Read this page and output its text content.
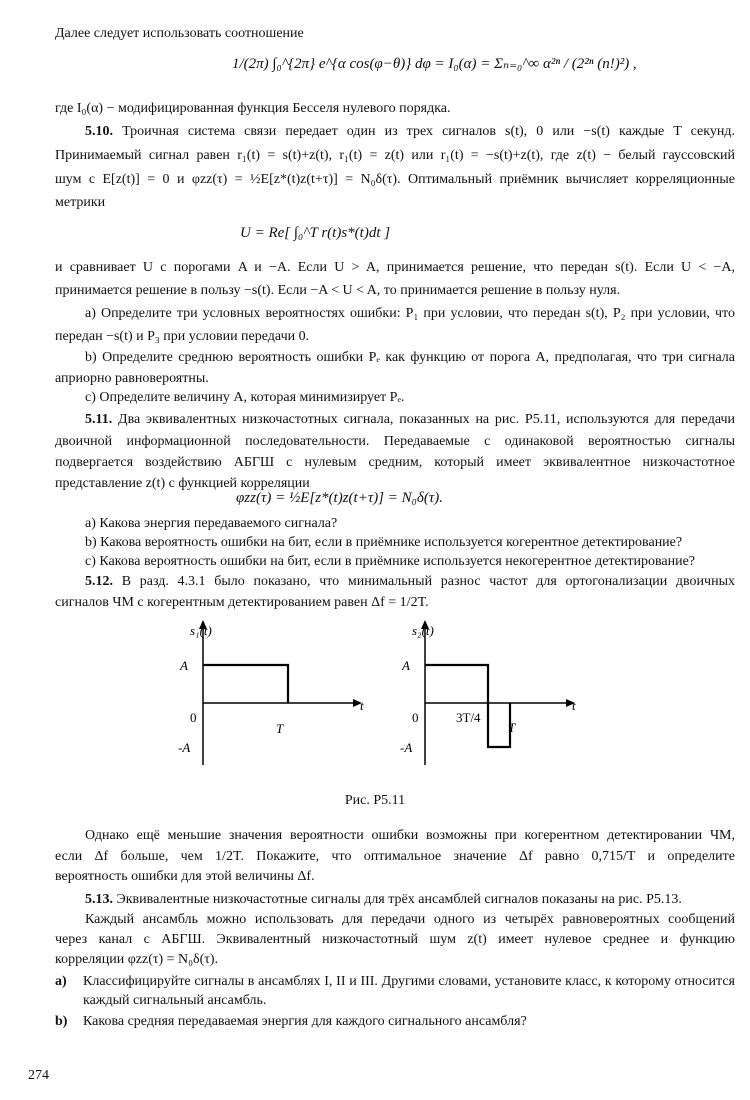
Далее следует использовать соотношение

1/(2π) ∫₀^{2π} e^{α cos(φ−θ)} dφ = I₀(α) = Σₙ₌₀^∞ α²ⁿ / (2²ⁿ (n!)²) ,

где I₀(α) − модифицированная функция Бесселя нулевого порядка.

5.10. Троичная система связи передает один из трех сигналов s(t), 0 или −s(t) каждые T секунд.

Принимаемый сигнал равен r₁(t) = s(t)+z(t), r₁(t) = z(t) или r₁(t) = −s(t)+z(t), где z(t) − белый гауссовский

шум с E[z(t)] = 0 и φzz(τ) = ½E[z*(t)z(t+τ)] = N₀δ(τ). Оптимальный приёмник вычисляет корреляционные

метрики

U = Re[ ∫₀^T r(t)s*(t)dt ]

и сравнивает U с порогами A и −A. Если U > A, принимается решение, что передан s(t). Если U < −A,

принимается решение в пользу −s(t). Если −A < U < A, то принимается решение в пользу нуля.

a) Определите три условных вероятностях ошибки: P₁ при условии, что передан s(t), P₂ при условии, что

передан −s(t) и P₃ при условии передачи 0.

b) Определите среднюю вероятность ошибки Pₑ как функцию от порога A, предполагая, что три сигнала

априорно равновероятны.

c) Определите величину A, которая минимизирует Pₑ.

5.11. Два эквивалентных низкочастотных сигнала, показанных на рис. P5.11, используются для передачи

двоичной информационной последовательности. Передаваемые с одинаковой вероятностью сигналы

подвергается воздействию АБГШ с нулевым средним, который имеет эквивалентное низкочастотное

представление z(t) с функцией корреляции

φzz(τ) = ½E[z*(t)z(t+τ)] = N₀δ(τ).

a) Какова энергия передаваемого сигнала?

b) Какова вероятность ошибки на бит, если в приёмнике используется когерентное детектирование?

c) Какова вероятность ошибки на бит, если в приёмнике используется некогерентное детектирование?

5.12. В разд. 4.3.1 было показано, что минимальный разнос частот для ортогонализации двоичных

сигналов ЧМ с когерентным детектированием равен Δf = 1/2T.

s₁(t)
A
0
-A
t
T
s₂(t)
A
0
-A
t
3T/4
T

Рис. P5.11

Однако ещё меньшие значения вероятности ошибки возможны при когерентном детектировании ЧМ,

если Δf больше, чем 1/2T. Покажите, что оптимальное значение Δf равно 0,715/T и определите

вероятность ошибки для этой величины Δf.

5.13. Эквивалентные низкочастотные сигналы для трёх ансамблей сигналов показаны на рис. P5.13.

Каждый ансамбль можно использовать для передачи одного из четырёх равновероятных сообщений

через канал с АБГШ. Эквивалентный низкочастотный шум z(t) имеет нулевое среднее и функцию

корреляции φzz(τ) = N₀δ(τ).

a) Классифицируйте сигналы в ансамблях I, II и III. Другими словами, установите класс, к которому относится каждый сигнальный ансамбль.
b) Какова средняя передаваемая энергия для каждого сигнального ансамбля?

274
